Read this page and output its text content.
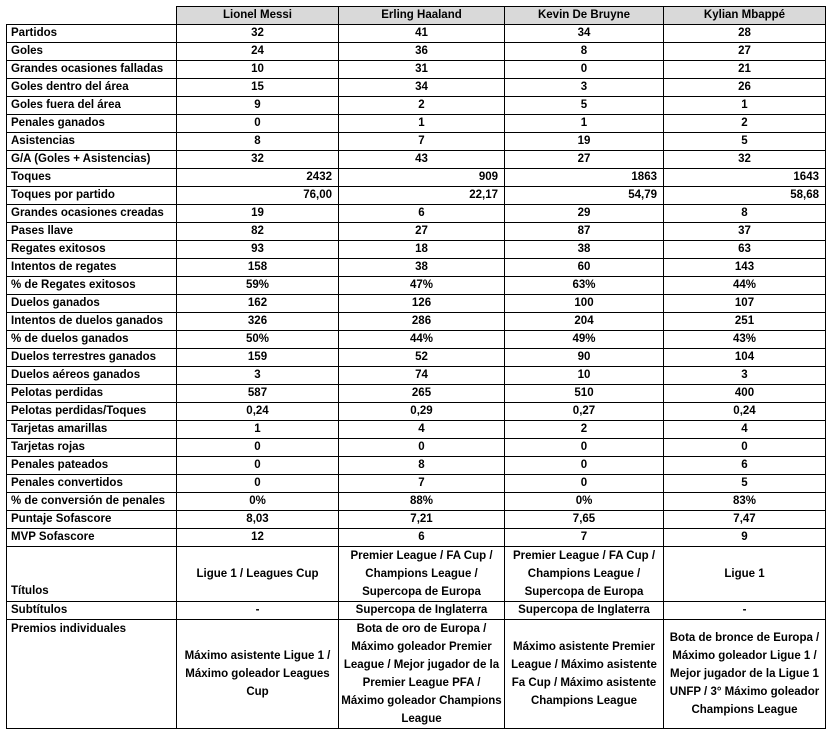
	Lionel Messi	Erling Haaland	Kevin De Bruyne	Kylian Mbappé
Partidos	32	41	34	28
Goles	24	36	8	27
Grandes ocasiones falladas	10	31	0	21
Goles dentro del área	15	34	3	26
Goles fuera del área	9	2	5	1
Penales ganados	0	1	1	2
Asistencias	8	7	19	5
G/A (Goles + Asistencias)	32	43	27	32
Toques	2432	909	1863	1643
Toques por partido	76,00	22,17	54,79	58,68
Grandes ocasiones creadas	19	6	29	8
Pases llave	82	27	87	37
Regates exitosos	93	18	38	63
Intentos de regates	158	38	60	143
% de Regates exitosos	59%	47%	63%	44%
Duelos ganados	162	126	100	107
Intentos de duelos ganados	326	286	204	251
% de duelos ganados	50%	44%	49%	43%
Duelos terrestres ganados	159	52	90	104
Duelos aéreos ganados	3	74	10	3
Pelotas perdidas	587	265	510	400
Pelotas perdidas/Toques	0,24	0,29	0,27	0,24
Tarjetas amarillas	1	4	2	4
Tarjetas rojas	0	0	0	0
Penales pateados	0	8	0	6
Penales convertidos	0	7	0	5
% de conversión de penales	0%	88%	0%	83%
Puntaje Sofascore	8,03	7,21	7,65	7,47
MVP Sofascore	12	6	7	9
Títulos	Ligue 1 / Leagues Cup	Premier League / FA Cup / Champions League / Supercopa de Europa	Premier League / FA Cup / Champions League / Supercopa de Europa	Ligue 1
Subtítulos	-	Supercopa de Inglaterra	Supercopa de Inglaterra	-
Premios individuales	Máximo asistente Ligue 1 / Máximo goleador Leagues Cup	Bota de oro de Europa / Máximo goleador Premier League / Mejor jugador de la Premier League PFA / Máximo goleador Champions League	Máximo asistente Premier League / Máximo asistente Fa Cup / Máximo asistente Champions League	Bota de bronce de Europa / Máximo goleador Ligue 1 / Mejor jugador de la Ligue 1 UNFP / 3° Máximo goleador Champions League
